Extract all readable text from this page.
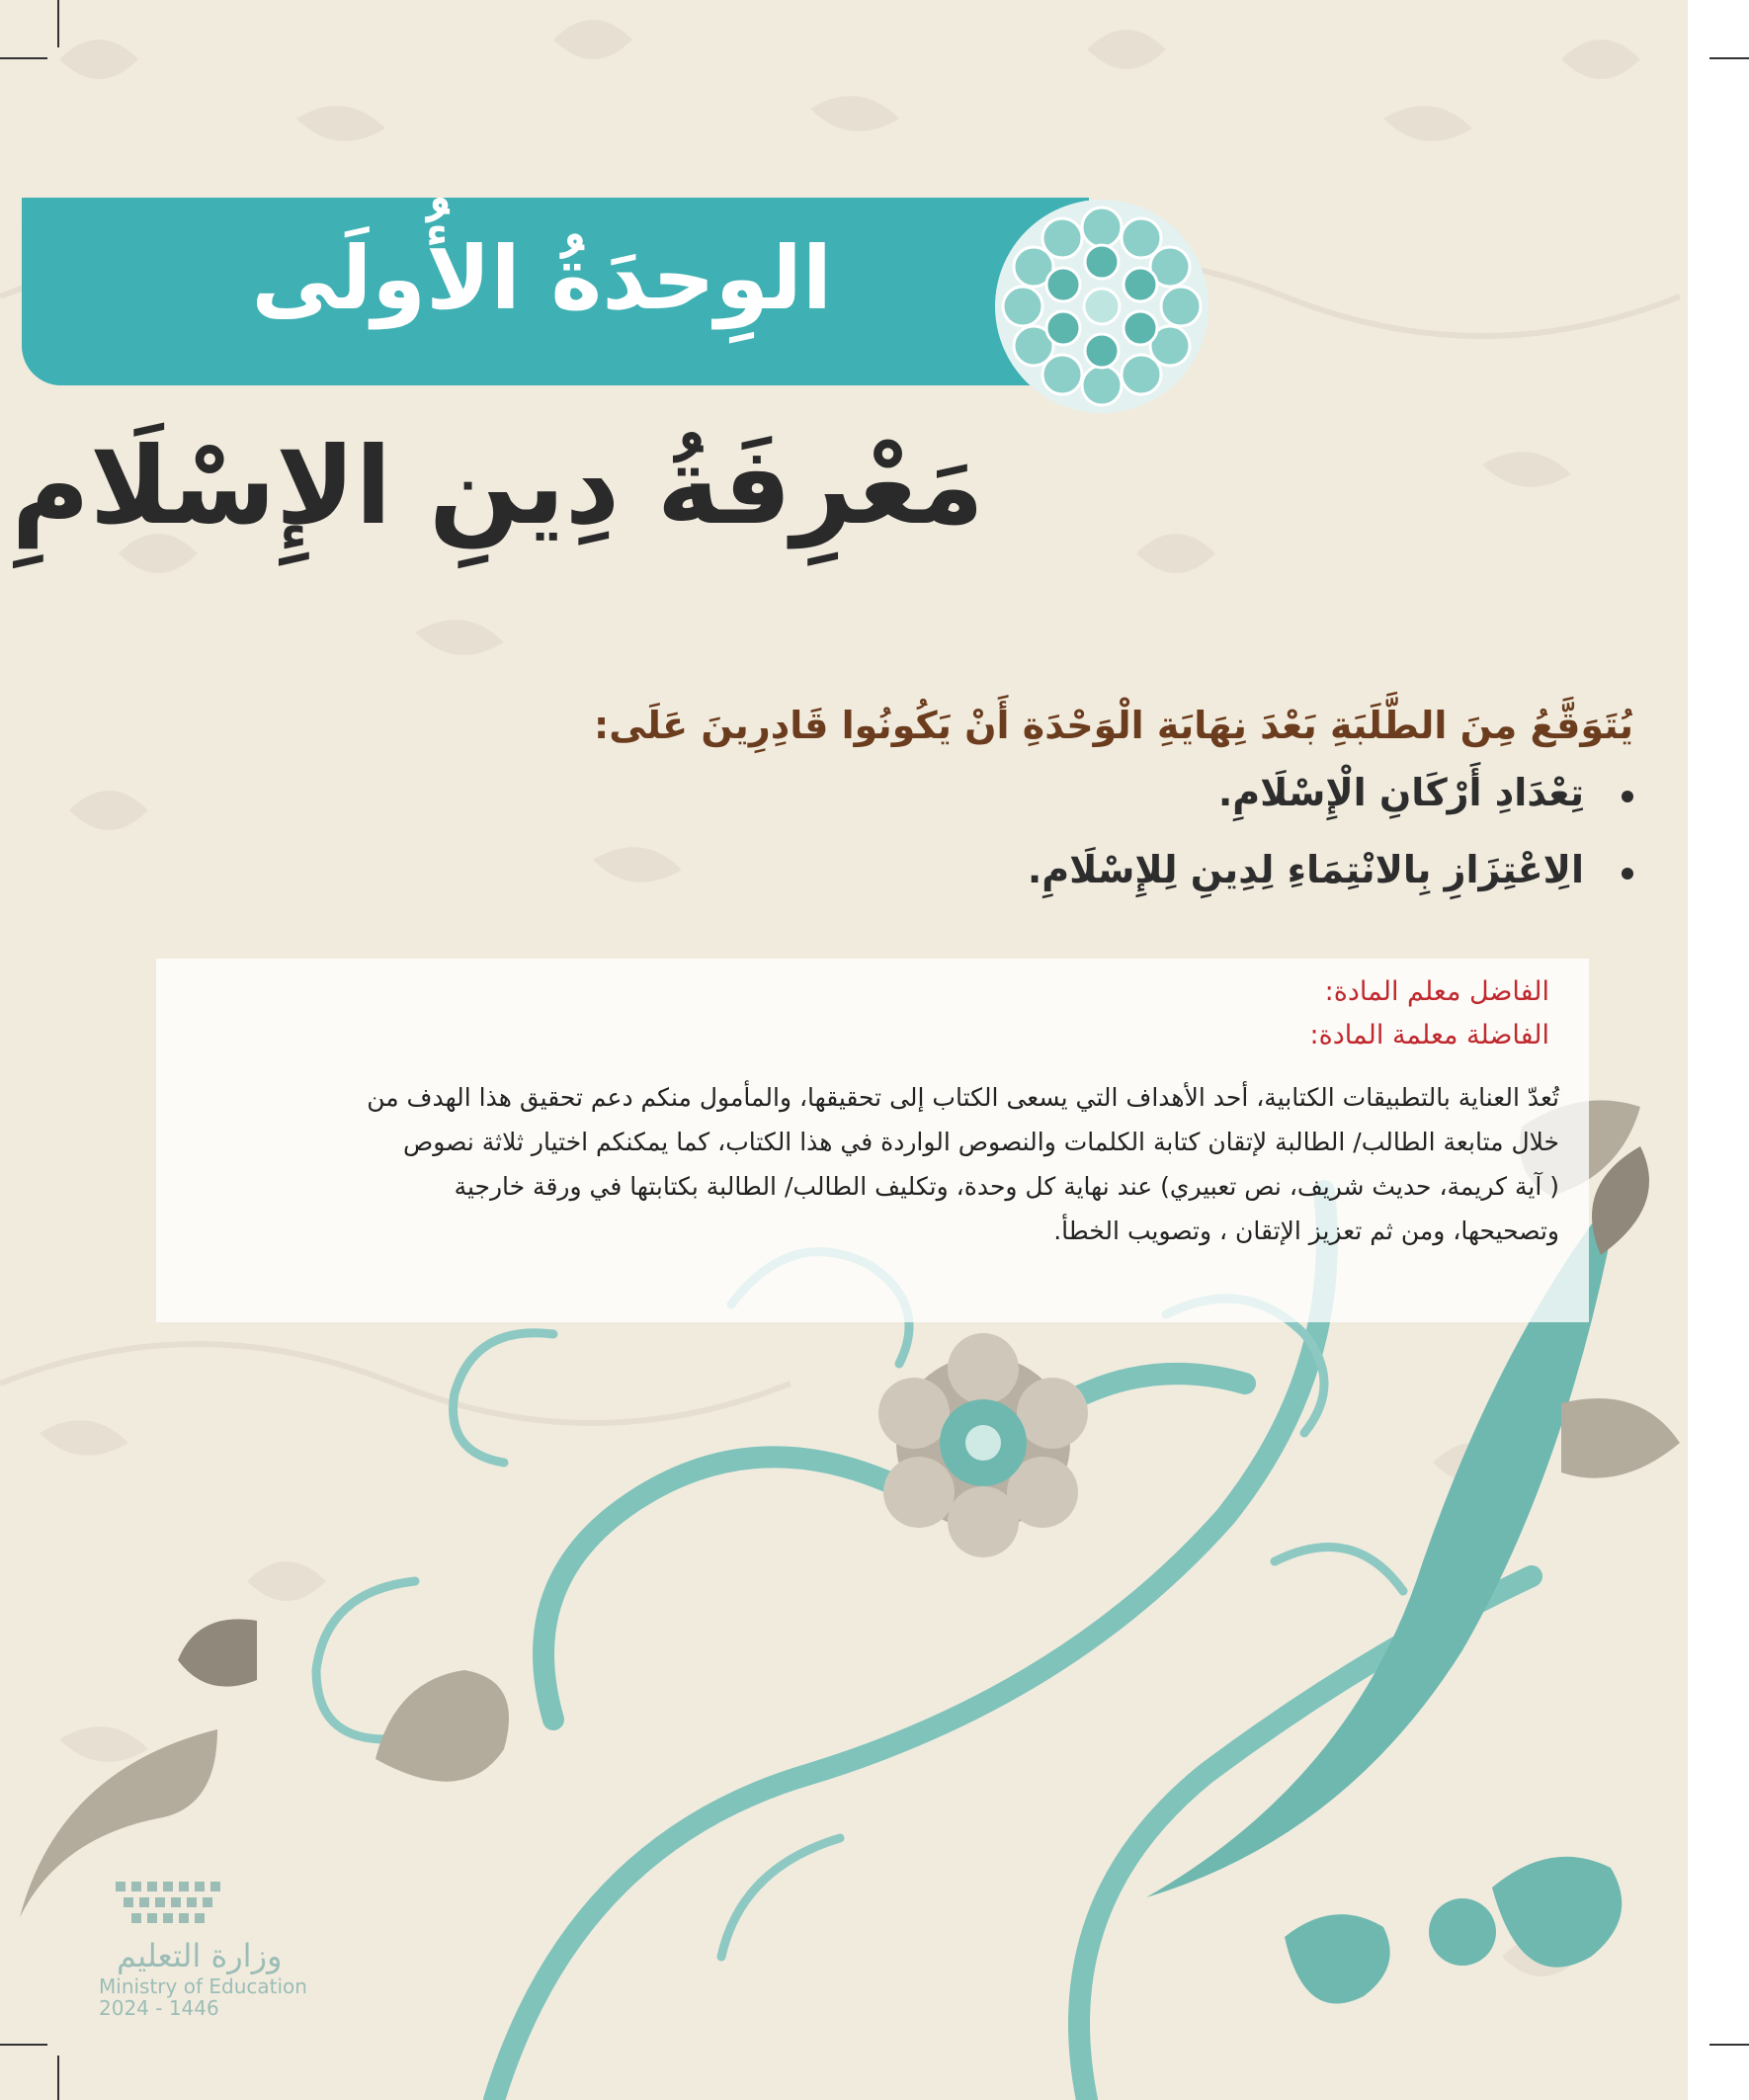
الوِحدَةُ الأُولَى
مَعْرِفَةُ دِينِ الإِسْلَامِ
يُتَوَقَّعُ مِنَ الطَّلَبَةِ بَعْدَ نِهَايَةِ الْوَحْدَةِ أَنْ يَكُونُوا قَادِرِينَ عَلَى:
تِعْدَادِ أَرْكَانِ الْإِسْلَامِ.
الِاعْتِزَازِ بِالانْتِمَاءِ لِدِينِ لِلإِسْلَامِ.
الفاضل معلم المادة:
الفاضلة معلمة المادة:
تُعدّ العناية بالتطبيقات الكتابية، أحد الأهداف التي يسعى الكتاب إلى تحقيقها، والمأمول منكم دعم تحقيق هذا الهدف من
خلال متابعة الطالب/ الطالبة لإتقان كتابة الكلمات والنصوص الواردة في هذا الكتاب، كما يمكنكم اختيار ثلاثة نصوص
( آية كريمة، حديث شريف، نص تعبيري) عند نهاية كل وحدة، وتكليف الطالب/ الطالبة بكتابتها في ورقة خارجية
وتصحيحها، ومن ثم تعزيز الإتقان ، وتصويب الخطأ.
وزارة التعليم
Ministry of Education
2024 - 1446
